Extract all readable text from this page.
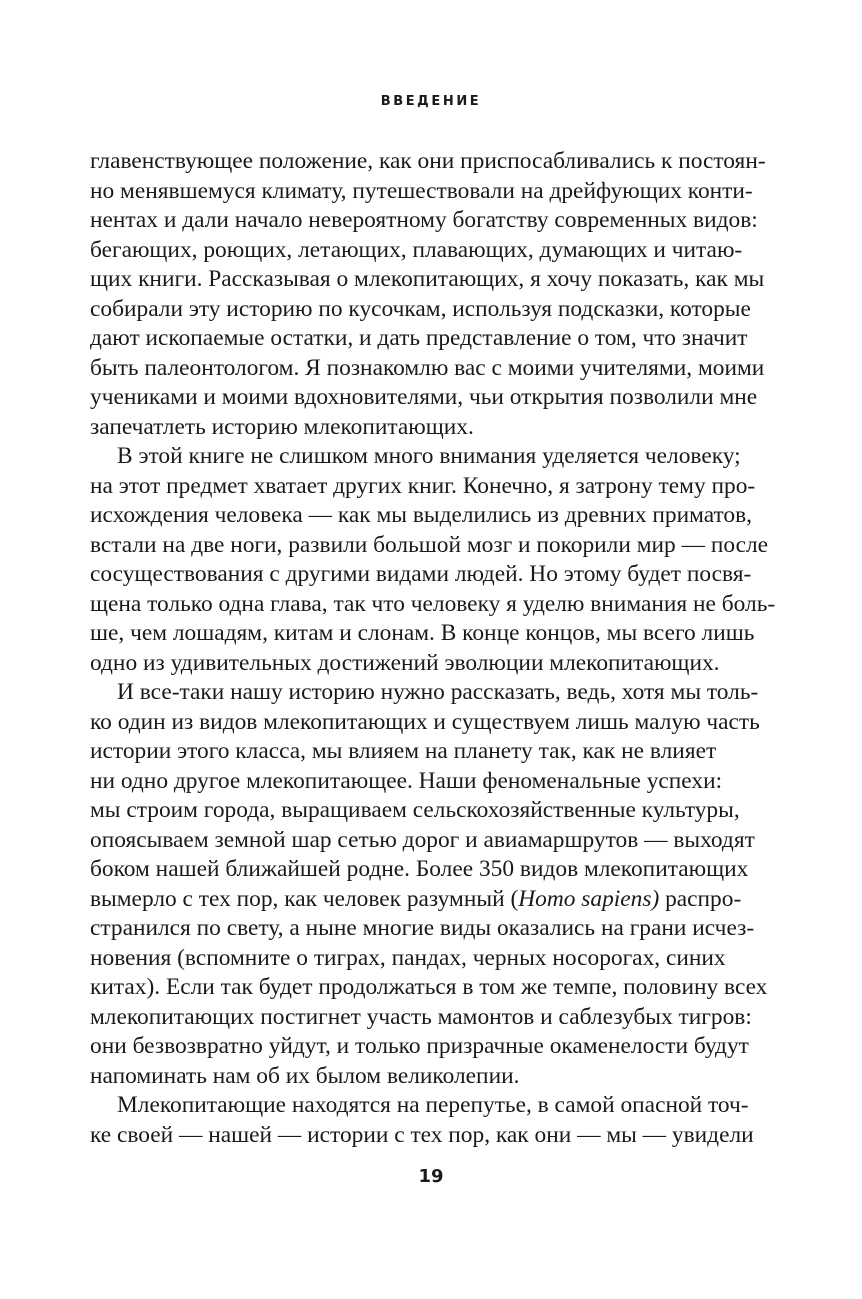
ВВЕДЕНИЕ
главенствующее положение, как они приспосабливались к постоян-
но менявшемуся климату, путешествовали на дрейфующих конти-
нентах и дали начало невероятному богатству современных видов:
бегающих, роющих, летающих, плавающих, думающих и читаю-
щих книги. Рассказывая о млекопитающих, я хочу показать, как мы
собирали эту историю по кусочкам, используя подсказки, которые
дают ископаемые остатки, и дать представление о том, что значит
быть палеонтологом. Я познакомлю вас с моими учителями, моими
учениками и моими вдохновителями, чьи открытия позволили мне
запечатлеть историю млекопитающих.
В этой книге не слишком много внимания уделяется человеку;
на этот предмет хватает других книг. Конечно, я затрону тему про-
исхождения человека — как мы выделились из древних приматов,
встали на две ноги, развили большой мозг и покорили мир — после
сосуществования с другими видами людей. Но этому будет посвя-
щена только одна глава, так что человеку я уделю внимания не боль-
ше, чем лошадям, китам и слонам. В конце концов, мы всего лишь
одно из удивительных достижений эволюции млекопитающих.
И все-таки нашу историю нужно рассказать, ведь, хотя мы толь-
ко один из видов млекопитающих и существуем лишь малую часть
истории этого класса, мы влияем на планету так, как не влияет
ни одно другое млекопитающее. Наши феноменальные успехи:
мы строим города, выращиваем сельскохозяйственные культуры,
опоясываем земной шар сетью дорог и авиамаршрутов — выходят
боком нашей ближайшей родне. Более 350 видов млекопитающих
вымерло с тех пор, как человек разумный (Homo sapiens) распро-
странился по свету, а ныне многие виды оказались на грани исчез-
новения (вспомните о тиграх, пандах, черных носорогах, синих
китах). Если так будет продолжаться в том же темпе, половину всех
млекопитающих постигнет участь мамонтов и саблезубых тигров:
они безвозвратно уйдут, и только призрачные окаменелости будут
напоминать нам об их былом великолепии.
Млекопитающие находятся на перепутье, в самой опасной точ-
ке своей — нашей — истории с тех пор, как они — мы — увидели

19
